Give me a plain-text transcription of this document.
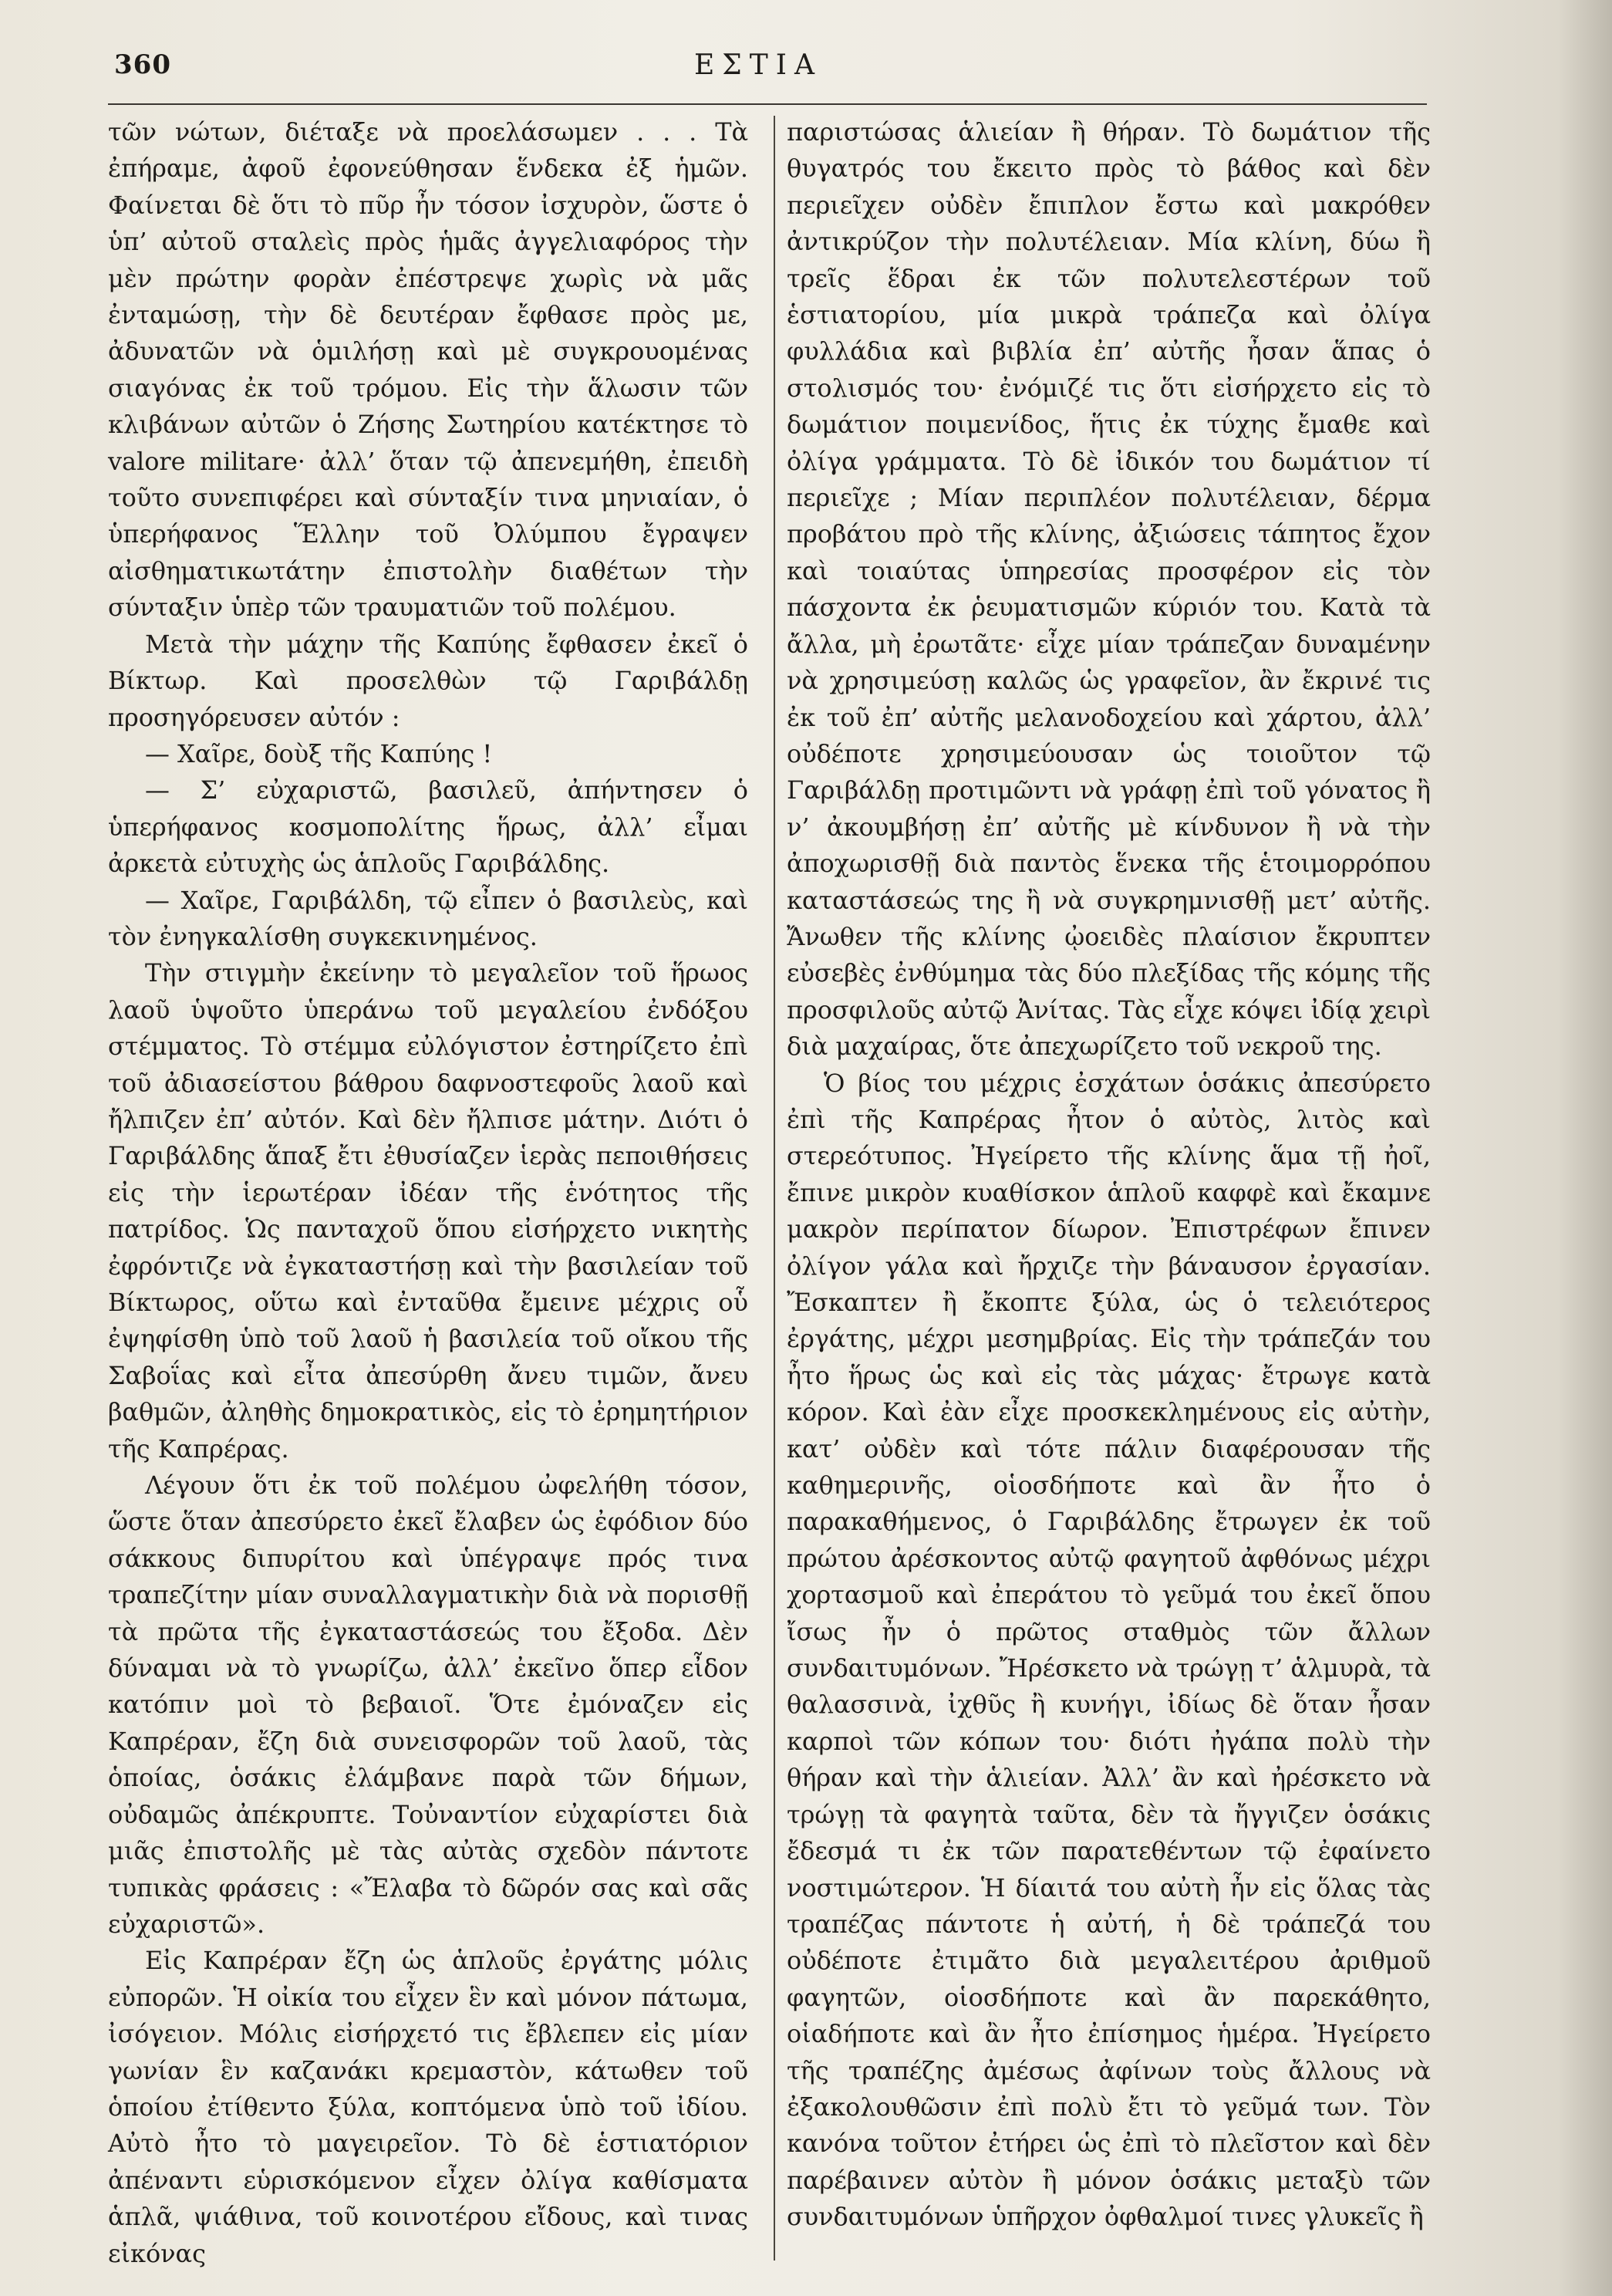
360	ΕΣΤΙΑ

τῶν νώτων, διέταξε νὰ προελάσωμεν . . . Τὰ ἐπήραμε, ἀφοῦ ἐφονεύθησαν ἕνδεκα ἐξ ἡμῶν. Φαίνεται δὲ ὅτι τὸ πῦρ ἦν τόσον ἰσχυρὸν, ὥστε ὁ ὑπ’ αὐτοῦ σταλεὶς πρὸς ἡμᾶς ἀγγελιαφόρος τὴν μὲν πρώτην φορὰν ἐπέστρεψε χωρὶς νὰ μᾶς ἐνταμώσῃ, τὴν δὲ δευτέραν ἔφθασε πρὸς με, ἀδυνατῶν νὰ ὁμιλήσῃ καὶ μὲ συγκρουομένας σιαγόνας ἐκ τοῦ τρόμου. Εἰς τὴν ἅλωσιν τῶν κλιβάνων αὐτῶν ὁ Ζήσης Σωτηρίου κατέκτησε τὸ valore militare· ἀλλ’ ὅταν τῷ ἀπενεμήθη, ἐπειδὴ τοῦτο συνεπιφέρει καὶ σύνταξίν τινα μηνιαίαν, ὁ ὑπερήφανος Ἕλλην τοῦ Ὀλύμπου ἔγραψεν αἰσθηματικωτάτην ἐπιστολὴν διαθέτων τὴν σύνταξιν ὑπὲρ τῶν τραυματιῶν τοῦ πολέμου.

Μετὰ τὴν μάχην τῆς Καπύης ἔφθασεν ἐκεῖ ὁ Βίκτωρ. Καὶ προσελθὼν τῷ Γαριβάλδῃ προσηγόρευσεν αὐτόν :

— Χαῖρε, δοὺξ τῆς Καπύης !

— Σ’ εὐχαριστῶ, βασιλεῦ, ἀπήντησεν ὁ ὑπερήφανος κοσμοπολίτης ἥρως, ἀλλ’ εἶμαι ἀρκετὰ εὐτυχὴς ὡς ἁπλοῦς Γαριβάλδης.

— Χαῖρε, Γαριβάλδη, τῷ εἶπεν ὁ βασιλεὺς, καὶ τὸν ἐνηγκαλίσθη συγκεκινημένος.

Τὴν στιγμὴν ἐκείνην τὸ μεγαλεῖον τοῦ ἥρωος λαοῦ ὑψοῦτο ὑπεράνω τοῦ μεγαλείου ἐνδόξου στέμματος. Τὸ στέμμα εὐλόγιστον ἐστηρίζετο ἐπὶ τοῦ ἀδιασείστου βάθρου δαφνοστεφοῦς λαοῦ καὶ ἤλπιζεν ἐπ’ αὐτόν. Καὶ δὲν ἤλπισε μάτην. Διότι ὁ Γαριβάλδης ἅπαξ ἔτι ἐθυσίαζεν ἱερὰς πεποιθήσεις εἰς τὴν ἱερωτέραν ἰδέαν τῆς ἑνότητος τῆς πατρίδος. Ὡς πανταχοῦ ὅπου εἰσήρχετο νικητὴς ἐφρόντιζε νὰ ἐγκαταστήσῃ καὶ τὴν βασιλείαν τοῦ Βίκτωρος, οὕτω καὶ ἐνταῦθα ἔμεινε μέχρις οὗ ἐψηφίσθη ὑπὸ τοῦ λαοῦ ἡ βασιλεία τοῦ οἴκου τῆς Σαβοΐας καὶ εἶτα ἀπεσύρθη ἄνευ τιμῶν, ἄνευ βαθμῶν, ἀληθὴς δημοκρατικὸς, εἰς τὸ ἐρημητήριον τῆς Καπρέρας.

Λέγουν ὅτι ἐκ τοῦ πολέμου ὠφελήθη τόσον, ὥστε ὅταν ἀπεσύρετο ἐκεῖ ἔλαβεν ὡς ἐφόδιον δύο σάκκους διπυρίτου καὶ ὑπέγραψε πρός τινα τραπεζίτην μίαν συναλλαγματικὴν διὰ νὰ πορισθῇ τὰ πρῶτα τῆς ἐγκαταστάσεώς του ἔξοδα. Δὲν δύναμαι νὰ τὸ γνωρίζω, ἀλλ’ ἐκεῖνο ὅπερ εἶδον κατόπιν μοὶ τὸ βεβαιοῖ. Ὅτε ἐμόναζεν εἰς Καπρέραν, ἔζη διὰ συνεισφορῶν τοῦ λαοῦ, τὰς ὁποίας, ὁσάκις ἐλάμβανε παρὰ τῶν δήμων, οὐδαμῶς ἀπέκρυπτε. Τοὐναντίον εὐχαρίστει διὰ μιᾶς ἐπιστολῆς μὲ τὰς αὐτὰς σχεδὸν πάντοτε τυπικὰς φράσεις : «Ἔλαβα τὸ δῶρόν σας καὶ σᾶς εὐχαριστῶ».

Εἰς Καπρέραν ἔζη ὡς ἁπλοῦς ἐργάτης μόλις εὐπορῶν. Ἡ οἰκία του εἶχεν ἓν καὶ μόνον πάτωμα, ἰσόγειον. Μόλις εἰσήρχετό τις ἔβλεπεν εἰς μίαν γωνίαν ἓν καζανάκι κρεμαστὸν, κάτωθεν τοῦ ὁποίου ἐτίθεντο ξύλα, κοπτόμενα ὑπὸ τοῦ ἰδίου. Αὐτὸ ἦτο τὸ μαγειρεῖον. Τὸ δὲ ἑστιατόριον ἀπέναντι εὑρισκόμενον εἶχεν ὀλίγα καθίσματα ἁπλᾶ, ψιάθινα, τοῦ κοινοτέρου εἴδους, καὶ τινας εἰκόνας

παριστώσας ἁλιείαν ἢ θήραν. Τὸ δωμάτιον τῆς θυγατρός του ἔκειτο πρὸς τὸ βάθος καὶ δὲν περιεῖχεν οὐδὲν ἔπιπλον ἔστω καὶ μακρόθεν ἀντικρύζον τὴν πολυτέλειαν. Μία κλίνη, δύω ἢ τρεῖς ἕδραι ἐκ τῶν πολυτελεστέρων τοῦ ἑστιατορίου, μία μικρὰ τράπεζα καὶ ὀλίγα φυλλάδια καὶ βιβλία ἐπ’ αὐτῆς ἦσαν ἅπας ὁ στολισμός του· ἐνόμιζέ τις ὅτι εἰσήρχετο εἰς τὸ δωμάτιον ποιμενίδος, ἥτις ἐκ τύχης ἔμαθε καὶ ὀλίγα γράμματα. Τὸ δὲ ἰδικόν του δωμάτιον τί περιεῖχε ; Μίαν περιπλέον πολυτέλειαν, δέρμα προβάτου πρὸ τῆς κλίνης, ἀξιώσεις τάπητος ἔχον καὶ τοιαύτας ὑπηρεσίας προσφέρον εἰς τὸν πάσχοντα ἐκ ῥευματισμῶν κύριόν του. Κατὰ τὰ ἄλλα, μὴ ἐρωτᾶτε· εἶχε μίαν τράπεζαν δυναμένην νὰ χρησιμεύσῃ καλῶς ὡς γραφεῖον, ἂν ἔκρινέ τις ἐκ τοῦ ἐπ’ αὐτῆς μελανοδοχείου καὶ χάρτου, ἀλλ’ οὐδέποτε χρησιμεύουσαν ὡς τοιοῦτον τῷ Γαριβάλδῃ προτιμῶντι νὰ γράφῃ ἐπὶ τοῦ γόνατος ἢ ν’ ἀκουμβήσῃ ἐπ’ αὐτῆς μὲ κίνδυνον ἢ νὰ τὴν ἀποχωρισθῇ διὰ παντὸς ἕνεκα τῆς ἑτοιμορρόπου καταστάσεώς της ἢ νὰ συγκρημνισθῇ μετ’ αὐτῆς. Ἄνωθεν τῆς κλίνης ᾠοειδὲς πλαίσιον ἔκρυπτεν εὐσεβὲς ἐνθύμημα τὰς δύο πλεξίδας τῆς κόμης τῆς προσφιλοῦς αὐτῷ Ἀνίτας. Τὰς εἶχε κόψει ἰδίᾳ χειρὶ διὰ μαχαίρας, ὅτε ἀπεχωρίζετο τοῦ νεκροῦ της.

Ὁ βίος του μέχρις ἐσχάτων ὁσάκις ἀπεσύρετο ἐπὶ τῆς Καπρέρας ἦτον ὁ αὐτὸς, λιτὸς καὶ στερεότυπος. Ἠγείρετο τῆς κλίνης ἅμα τῇ ἠοῖ, ἔπινε μικρὸν κυαθίσκον ἁπλοῦ καφφὲ καὶ ἔκαμνε μακρὸν περίπατον δίωρον. Ἐπιστρέφων ἔπινεν ὀλίγον γάλα καὶ ἤρχιζε τὴν βάναυσον ἐργασίαν. Ἔσκαπτεν ἢ ἔκοπτε ξύλα, ὡς ὁ τελειότερος ἐργάτης, μέχρι μεσημβρίας. Εἰς τὴν τράπεζάν του ἦτο ἥρως ὡς καὶ εἰς τὰς μάχας· ἔτρωγε κατὰ κόρον. Καὶ ἐὰν εἶχε προσκεκλημένους εἰς αὐτὴν, κατ’ οὐδὲν καὶ τότε πάλιν διαφέρουσαν τῆς καθημερινῆς, οἱοσδήποτε καὶ ἂν ἦτο ὁ παρακαθήμενος, ὁ Γαριβάλδης ἔτρωγεν ἐκ τοῦ πρώτου ἀρέσκοντος αὐτῷ φαγητοῦ ἀφθόνως μέχρι χορτασμοῦ καὶ ἐπεράτου τὸ γεῦμά του ἐκεῖ ὅπου ἴσως ἦν ὁ πρῶτος σταθμὸς τῶν ἄλλων συνδαιτυμόνων. Ἤρέσκετο νὰ τρώγῃ τ’ ἁλμυρὰ, τὰ θαλασσινὰ, ἰχθῦς ἢ κυνήγι, ἰδίως δὲ ὅταν ἦσαν καρποὶ τῶν κόπων του· διότι ἠγάπα πολὺ τὴν θήραν καὶ τὴν ἁλιείαν. Ἀλλ’ ἂν καὶ ἠρέσκετο νὰ τρώγῃ τὰ φαγητὰ ταῦτα, δὲν τὰ ἤγγιζεν ὁσάκις ἔδεσμά τι ἐκ τῶν παρατεθέντων τῷ ἐφαίνετο νοστιμώτερον. Ἡ δίαιτά του αὐτὴ ἦν εἰς ὅλας τὰς τραπέζας πάντοτε ἡ αὐτή, ἡ δὲ τράπεζά του οὐδέποτε ἐτιμᾶτο διὰ μεγαλειτέρου ἀριθμοῦ φαγητῶν, οἱοσδήποτε καὶ ἂν παρεκάθητο, οἱαδήποτε καὶ ἂν ἦτο ἐπίσημος ἡμέρα. Ἠγείρετο τῆς τραπέζης ἀμέσως ἀφίνων τοὺς ἄλλους νὰ ἐξακολουθῶσιν ἐπὶ πολὺ ἔτι τὸ γεῦμά των. Τὸν κανόνα τοῦτον ἐτήρει ὡς ἐπὶ τὸ πλεῖστον καὶ δὲν παρέβαινεν αὐτὸν ἢ μόνον ὁσάκις μεταξὺ τῶν συνδαιτυμόνων ὑπῆρχον ὀφθαλμοί τινες γλυκεῖς ἢ
